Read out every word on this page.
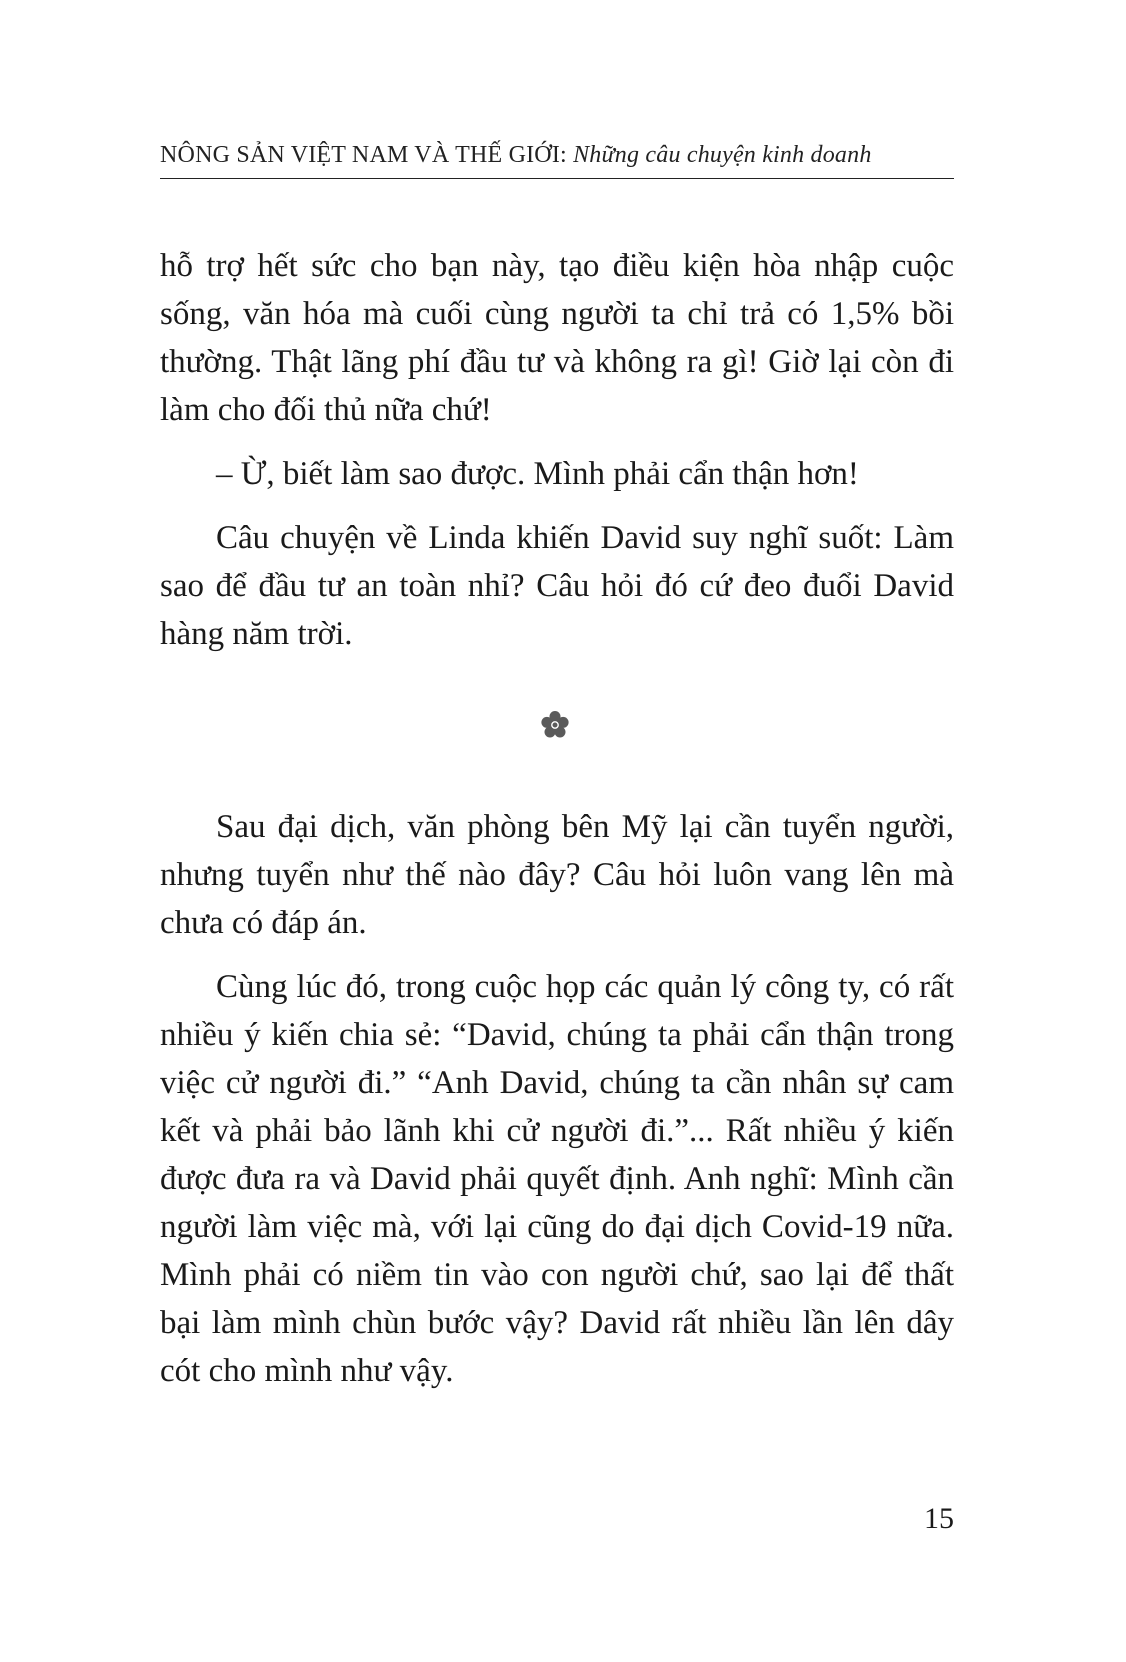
NÔNG SẢN VIỆT NAM VÀ THẾ GIỚI: Những câu chuyện kinh doanh

hỗ trợ hết sức cho bạn này, tạo điều kiện hòa nhập cuộc sống, văn hóa mà cuối cùng người ta chỉ trả có 1,5% bồi thường. Thật lãng phí đầu tư và không ra gì! Giờ lại còn đi làm cho đối thủ nữa chứ!

– Ừ, biết làm sao được. Mình phải cẩn thận hơn!

Câu chuyện về Linda khiến David suy nghĩ suốt: Làm sao để đầu tư an toàn nhỉ? Câu hỏi đó cứ đeo đuổi David hàng năm trời.

Sau đại dịch, văn phòng bên Mỹ lại cần tuyển người, nhưng tuyển như thế nào đây? Câu hỏi luôn vang lên mà chưa có đáp án.

Cùng lúc đó, trong cuộc họp các quản lý công ty, có rất nhiều ý kiến chia sẻ: “David, chúng ta phải cẩn thận trong việc cử người đi.” “Anh David, chúng ta cần nhân sự cam kết và phải bảo lãnh khi cử người đi.”... Rất nhiều ý kiến được đưa ra và David phải quyết định. Anh nghĩ: Mình cần người làm việc mà, với lại cũng do đại dịch Covid-19 nữa. Mình phải có niềm tin vào con người chứ, sao lại để thất bại làm mình chùn bước vậy? David rất nhiều lần lên dây cót cho mình như vậy.

15
